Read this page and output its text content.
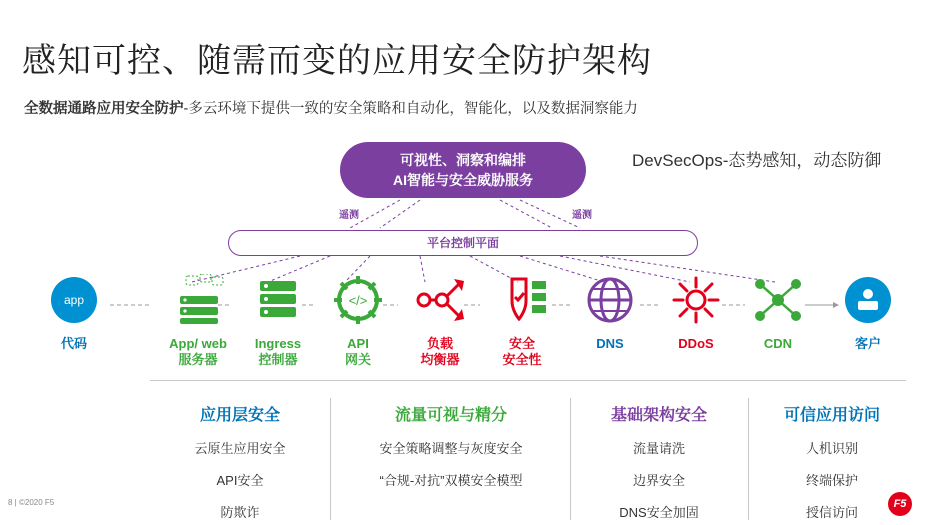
感知可控、随需而变的应用安全防护架构
全数据通路应用安全防护-多云环境下提供一致的安全策略和自动化，智能化，以及数据洞察能力
DevSecOps-态势感知，动态防御
可视性、洞察和编排
AI智能与安全威胁服务
遥测	遥测
平台控制平面
app
代码	App/ web
服务器
Ingress
控制器
</>
API
网关
负载
均衡器
安全
安全性
DNS	DDoS	CDN	客户
应用层安全
云原生应用安全
API安全
防欺诈
流量可视与精分
安全策略调整与灰度安全
“合规-对抗”双模安全模型
基础架构安全
流量请洗
边界安全
DNS安全加固
可信应用访问
人机识别
终端保护
授信访问
8 | ©2020 F5	F5
